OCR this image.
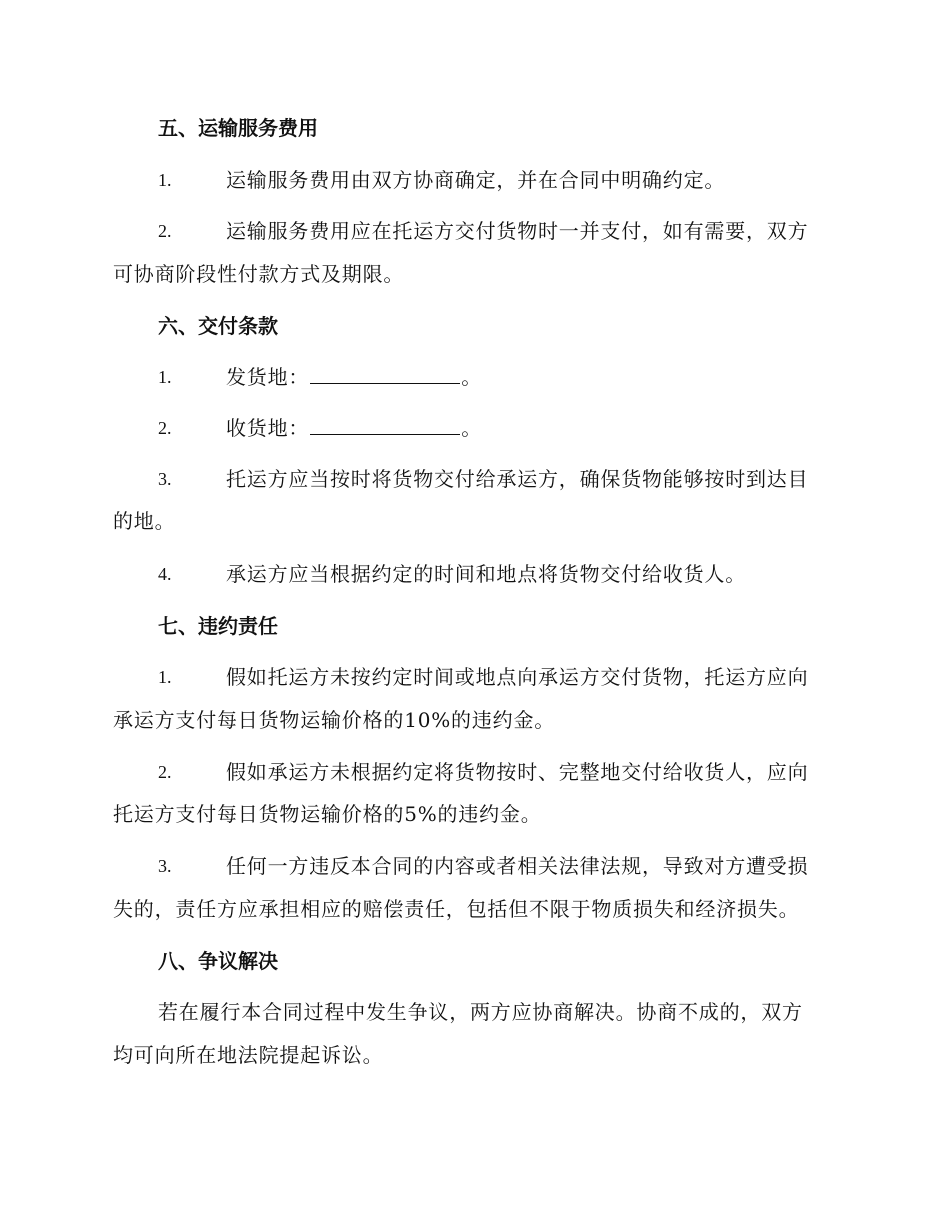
五、运输服务费用

1.	运输服务费用由双方协商确定，并在合同中明确约定。
2.	运输服务费用应在托运方交付货物时一并支付，如有需要，双方
可协商阶段性付款方式及期限。

六、交付条款

1.	发货地：	。
2.	收货地：	。
3.	托运方应当按时将货物交付给承运方，确保货物能够按时到达目
的地。
4.	承运方应当根据约定的时间和地点将货物交付给收货人。

七、违约责任

1.	假如托运方未按约定时间或地点向承运方交付货物，托运方应向
承运方支付每日货物运输价格的10%的违约金。
2.	假如承运方未根据约定将货物按时、完整地交付给收货人，应向
托运方支付每日货物运输价格的5%的违约金。
3.	任何一方违反本合同的内容或者相关法律法规，导致对方遭受损
失的，责任方应承担相应的赔偿责任，包括但不限于物质损失和经济损失。

八、争议解决

若在履行本合同过程中发生争议，两方应协商解决。协商不成的，双方
均可向所在地法院提起诉讼。
